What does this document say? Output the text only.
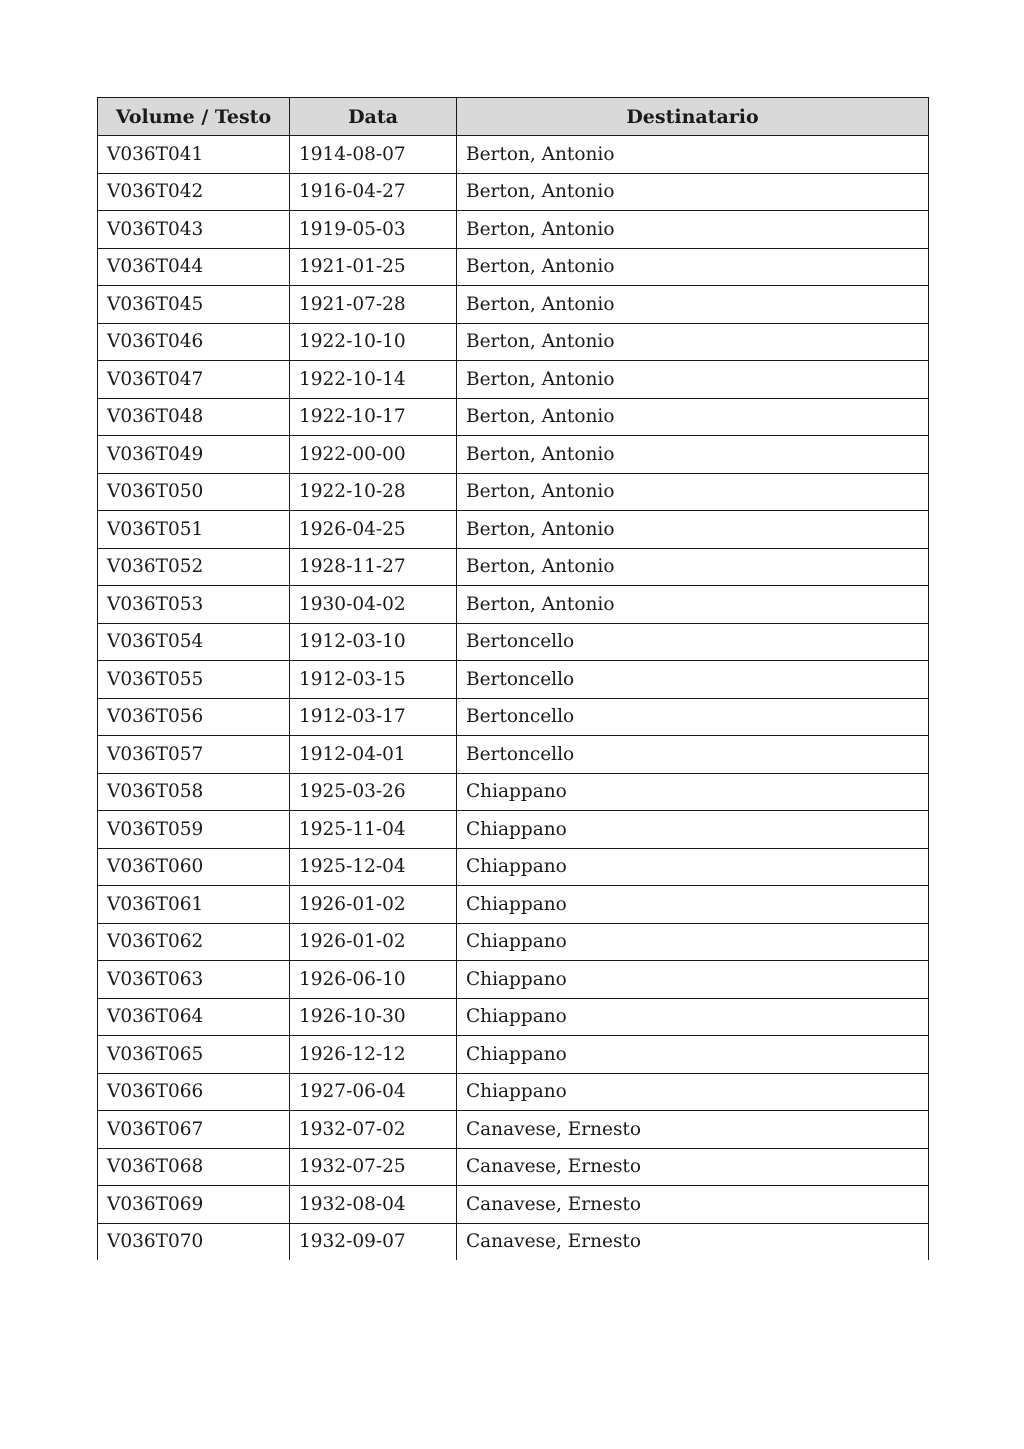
Volume / Testo	Data	Destinatario
V036T041	1914-08-07	Berton, Antonio
V036T042	1916-04-27	Berton, Antonio
V036T043	1919-05-03	Berton, Antonio
V036T044	1921-01-25	Berton, Antonio
V036T045	1921-07-28	Berton, Antonio
V036T046	1922-10-10	Berton, Antonio
V036T047	1922-10-14	Berton, Antonio
V036T048	1922-10-17	Berton, Antonio
V036T049	1922-00-00	Berton, Antonio
V036T050	1922-10-28	Berton, Antonio
V036T051	1926-04-25	Berton, Antonio
V036T052	1928-11-27	Berton, Antonio
V036T053	1930-04-02	Berton, Antonio
V036T054	1912-03-10	Bertoncello
V036T055	1912-03-15	Bertoncello
V036T056	1912-03-17	Bertoncello
V036T057	1912-04-01	Bertoncello
V036T058	1925-03-26	Chiappano
V036T059	1925-11-04	Chiappano
V036T060	1925-12-04	Chiappano
V036T061	1926-01-02	Chiappano
V036T062	1926-01-02	Chiappano
V036T063	1926-06-10	Chiappano
V036T064	1926-10-30	Chiappano
V036T065	1926-12-12	Chiappano
V036T066	1927-06-04	Chiappano
V036T067	1932-07-02	Canavese, Ernesto
V036T068	1932-07-25	Canavese, Ernesto
V036T069	1932-08-04	Canavese, Ernesto
V036T070	1932-09-07	Canavese, Ernesto
